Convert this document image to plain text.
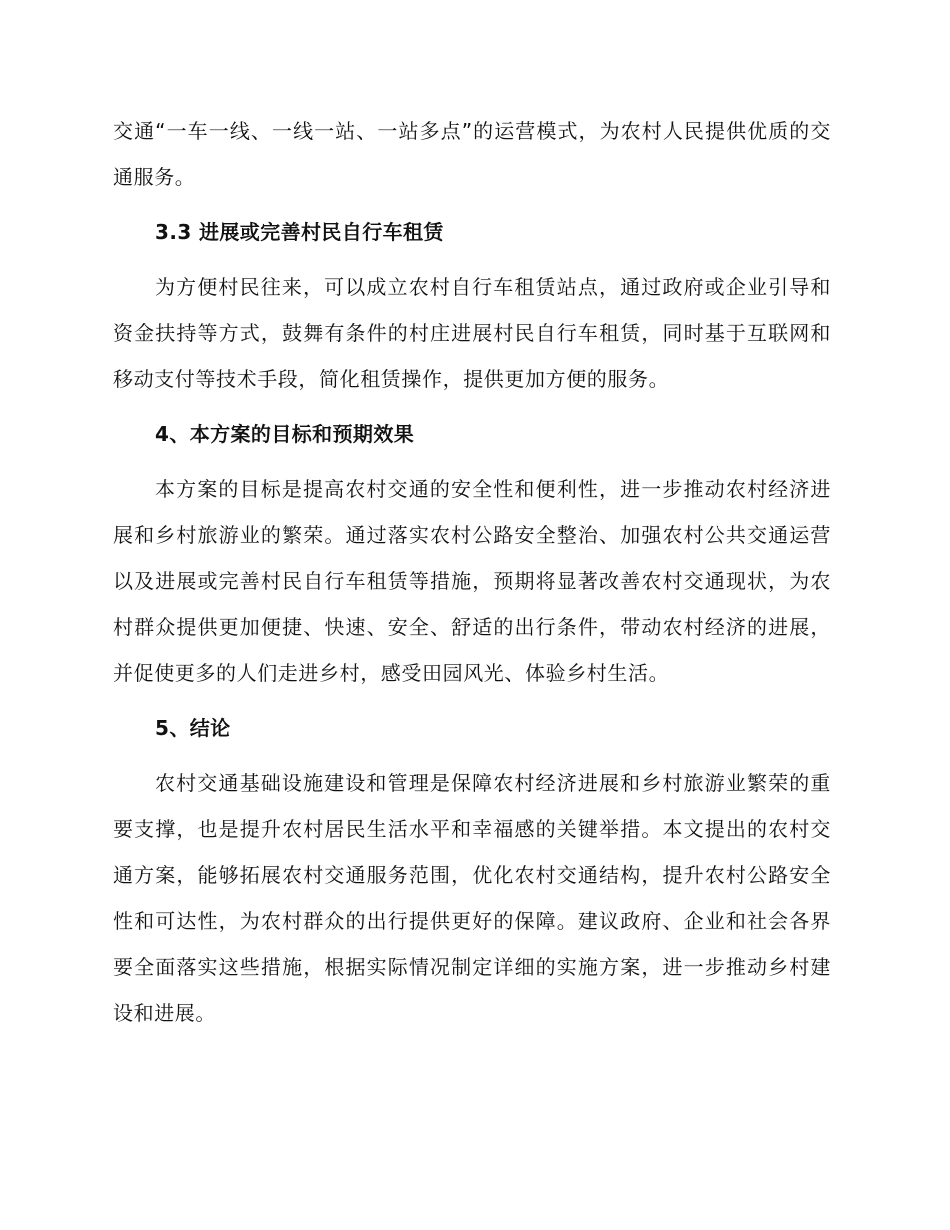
交通“一车一线、一线一站、一站多点”的运营模式，为农村人民提供优质的交通服务。

3.3 进展或完善村民自行车租赁

为方便村民往来，可以成立农村自行车租赁站点，通过政府或企业引导和资金扶持等方式，鼓舞有条件的村庄进展村民自行车租赁，同时基于互联网和移动支付等技术手段，简化租赁操作，提供更加方便的服务。

4、本方案的目标和预期效果

本方案的目标是提高农村交通的安全性和便利性，进一步推动农村经济进展和乡村旅游业的繁荣。通过落实农村公路安全整治、加强农村公共交通运营以及进展或完善村民自行车租赁等措施，预期将显著改善农村交通现状，为农村群众提供更加便捷、快速、安全、舒适的出行条件，带动农村经济的进展，并促使更多的人们走进乡村，感受田园风光、体验乡村生活。

5、结论

农村交通基础设施建设和管理是保障农村经济进展和乡村旅游业繁荣的重要支撑，也是提升农村居民生活水平和幸福感的关键举措。本文提出的农村交通方案，能够拓展农村交通服务范围，优化农村交通结构，提升农村公路安全性和可达性，为农村群众的出行提供更好的保障。建议政府、企业和社会各界要全面落实这些措施，根据实际情况制定详细的实施方案，进一步推动乡村建设和进展。
